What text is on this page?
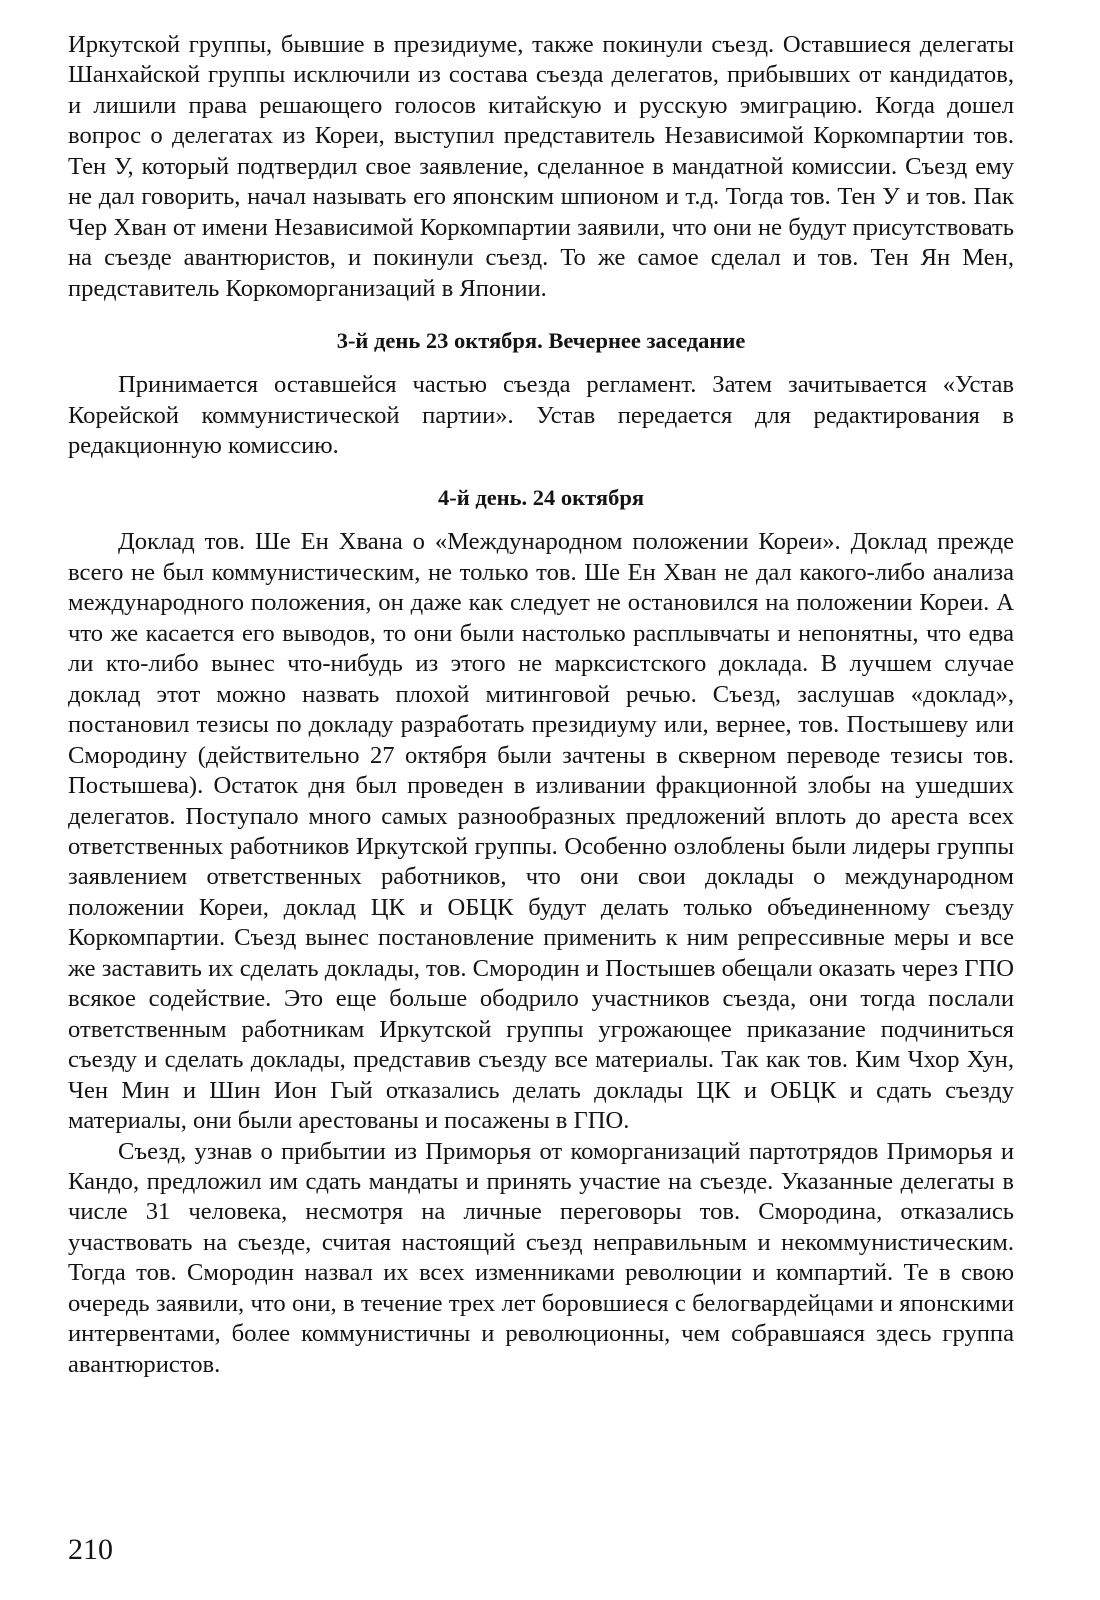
Иркутской группы, бывшие в президиуме, также покинули съезд. Оставшиеся делегаты Шанхайской группы исключили из состава съезда делегатов, прибывших от кандидатов, и лишили права решающего голосов китайскую и русскую эмиграцию. Когда дошел вопрос о делегатах из Кореи, выступил представитель Независимой Коркомпартии тов. Тен У, который подтвердил свое заявление, сделанное в мандатной комиссии. Съезд ему не дал говорить, начал называть его японским шпионом и т.д. Тогда тов. Тен У и тов. Пак Чер Хван от имени Независимой Коркомпартии заявили, что они не будут присутствовать на съезде авантюристов, и покинули съезд. То же самое сделал и тов. Тен Ян Мен, представитель Коркоморганизаций в Японии.

3-й день 23 октября. Вечернее заседание

Принимается оставшейся частью съезда регламент. Затем зачитывается «Устав Корейской коммунистической партии». Устав передается для редактирования в редакционную комиссию.

4-й день. 24 октября

Доклад тов. Ше Ен Хвана о «Международном положении Кореи». Доклад прежде всего не был коммунистическим, не только тов. Ше Ен Хван не дал какого-либо анализа международного положения, он даже как следует не остановился на положении Кореи. А что же касается его выводов, то они были настолько расплывчаты и непонятны, что едва ли кто-либо вынес что-нибудь из этого не марксистского доклада. В лучшем случае доклад этот можно назвать плохой митинговой речью. Съезд, заслушав «доклад», постановил тезисы по докладу разработать президиуму или, вернее, тов. Постышеву или Смородину (действительно 27 октября были зачтены в скверном переводе тезисы тов. Постышева). Остаток дня был проведен в изливании фракционной злобы на ушедших делегатов. Поступало много самых разнообразных предложений вплоть до ареста всех ответственных работников Иркутской группы. Особенно озлоблены были лидеры группы заявлением ответственных работников, что они свои доклады о международном положении Кореи, доклад ЦК и ОБЦК будут делать только объединенному съезду Коркомпартии. Съезд вынес постановление применить к ним репрессивные меры и все же заставить их сделать доклады, тов. Смородин и Постышев обещали оказать через ГПО всякое содействие. Это еще больше ободрило участников съезда, они тогда послали ответственным работникам Иркутской группы угрожающее приказание подчиниться съезду и сделать доклады, представив съезду все материалы. Так как тов. Ким Чхор Хун, Чен Мин и Шин Ион Гый отказались делать доклады ЦК и ОБЦК и сдать съезду материалы, они были арестованы и посажены в ГПО.

Съезд, узнав о прибытии из Приморья от коморганизаций партотрядов Приморья и Кандо, предложил им сдать мандаты и принять участие на съезде. Указанные делегаты в числе 31 человека, несмотря на личные переговоры тов. Смородина, отказались участвовать на съезде, считая настоящий съезд неправильным и некоммунистическим. Тогда тов. Смородин назвал их всех изменниками революции и компартий. Те в свою очередь заявили, что они, в течение трех лет боровшиеся с белогвардейцами и японскими интервентами, более коммунистичны и революционны, чем собравшаяся здесь группа авантюристов.

210
